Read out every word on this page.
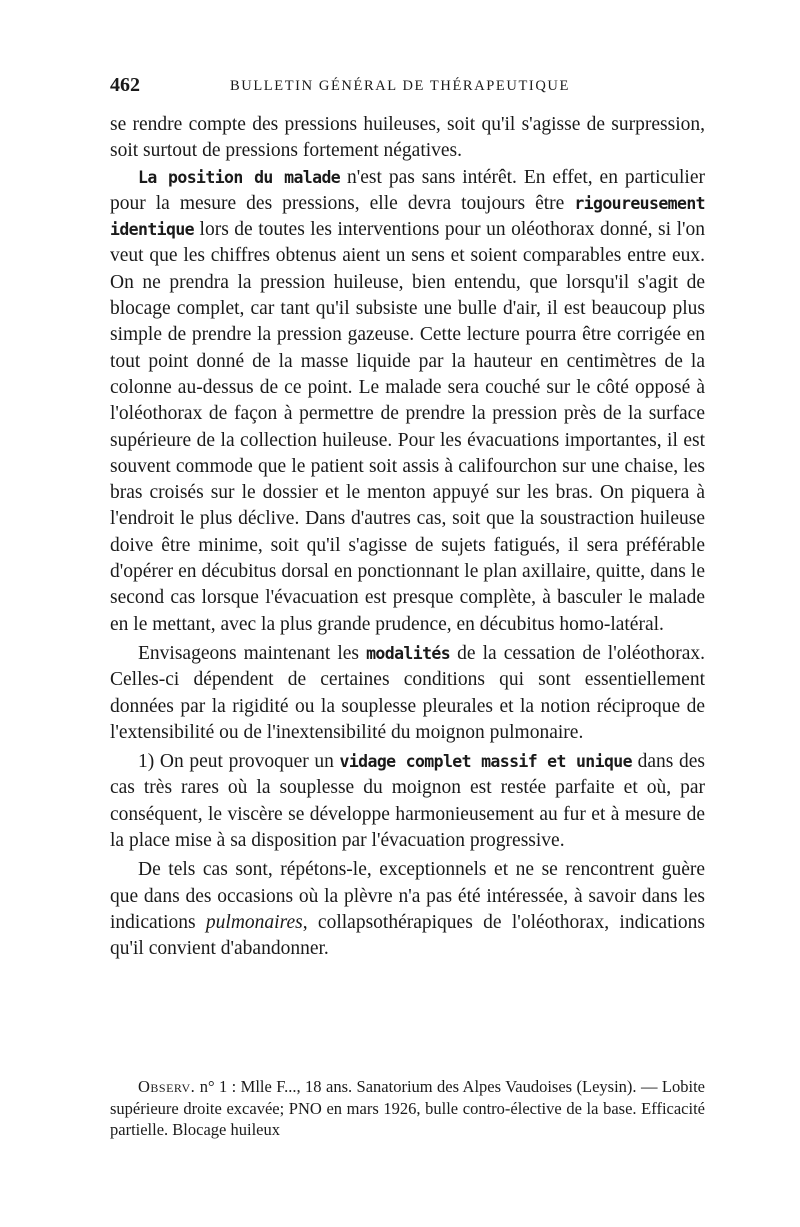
462	BULLETIN GÉNÉRAL DE THÉRAPEUTIQUE

se rendre compte des pressions huileuses, soit qu'il s'agisse de surpression, soit surtout de pressions fortement négatives.

La position du malade n'est pas sans intérêt. En effet, en particulier pour la mesure des pressions, elle devra toujours être rigoureusement identique lors de toutes les interventions pour un oléothorax donné, si l'on veut que les chiffres obtenus aient un sens et soient comparables entre eux. On ne prendra la pression huileuse, bien entendu, que lorsqu'il s'agit de blocage complet, car tant qu'il subsiste une bulle d'air, il est beaucoup plus simple de prendre la pression gazeuse. Cette lecture pourra être corrigée en tout point donné de la masse liquide par la hauteur en centimètres de la colonne au-dessus de ce point. Le malade sera couché sur le côté opposé à l'oléothorax de façon à permettre de prendre la pression près de la surface supérieure de la collection huileuse. Pour les évacuations importantes, il est souvent commode que le patient soit assis à califourchon sur une chaise, les bras croisés sur le dossier et le menton appuyé sur les bras. On piquera à l'endroit le plus déclive. Dans d'autres cas, soit que la soustraction huileuse doive être minime, soit qu'il s'agisse de sujets fatigués, il sera préférable d'opérer en décubitus dorsal en ponctionnant le plan axillaire, quitte, dans le second cas lorsque l'évacuation est presque complète, à basculer le malade en le mettant, avec la plus grande prudence, en décubitus homo-latéral.

Envisageons maintenant les modalités de la cessation de l'oléothorax. Celles-ci dépendent de certaines conditions qui sont essentiellement données par la rigidité ou la souplesse pleurales et la notion réciproque de l'extensibilité ou de l'inextensibilité du moignon pulmonaire.

1) On peut provoquer un vidage complet massif et unique dans des cas très rares où la souplesse du moignon est restée parfaite et où, par conséquent, le viscère se développe harmonieusement au fur et à mesure de la place mise à sa disposition par l'évacuation progressive.

De tels cas sont, répétons-le, exceptionnels et ne se rencontrent guère que dans des occasions où la plèvre n'a pas été intéressée, à savoir dans les indications pulmonaires, collapsothérapiques de l'oléothorax, indications qu'il convient d'abandonner.

Observ. n° 1 : Mlle F..., 18 ans. Sanatorium des Alpes Vaudoises (Leysin). — Lobite supérieure droite excavée; PNO en mars 1926, bulle contro-élective de la base. Efficacité partielle. Blocage huileux
